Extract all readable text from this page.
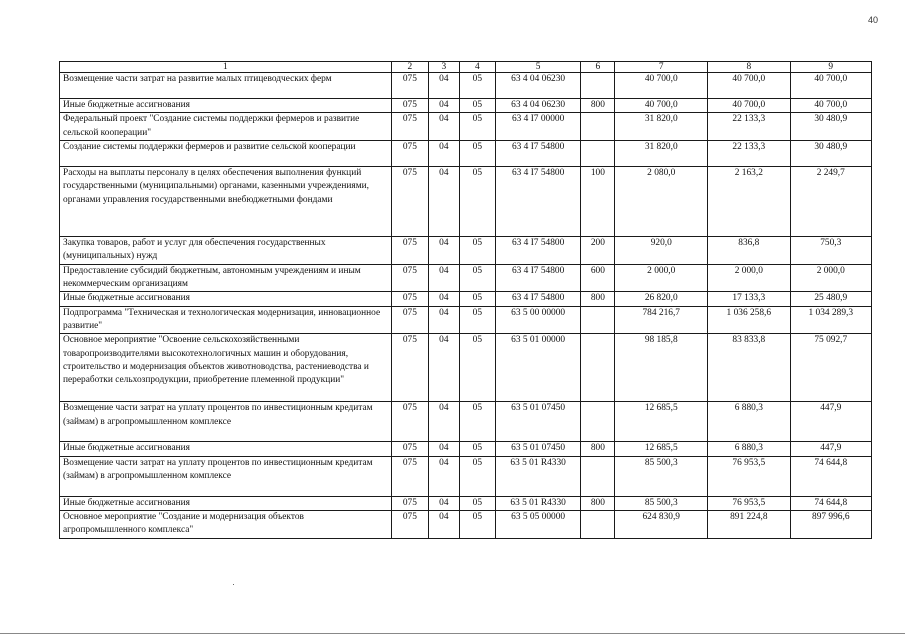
40
1	2	3	4	5	6	7	8	9
Возмещение части затрат на развитие малых птицеводческих ферм	075	04	05	63 4 04 06230		40 700,0	40 700,0	40 700,0
Иные бюджетные ассигнования	075	04	05	63 4 04 06230	800	40 700,0	40 700,0	40 700,0
Федеральный проект "Создание системы поддержки фермеров и развитие сельской кооперации"	075	04	05	63 4 I7 00000		31 820,0	22 133,3	30 480,9
Создание системы поддержки фермеров и развитие сельской кооперации	075	04	05	63 4 I7 54800		31 820,0	22 133,3	30 480,9
Расходы на выплаты персоналу в целях обеспечения выполнения функций государственными (муниципальными) органами, казенными учреждениями, органами управления государственными внебюджетными фондами	075	04	05	63 4 I7 54800	100	2 080,0	2 163,2	2 249,7
Закупка товаров, работ и услуг для обеспечения государственных (муниципальных) нужд	075	04	05	63 4 I7 54800	200	920,0	836,8	750,3
Предоставление субсидий бюджетным, автономным учреждениям и иным некоммерческим организациям	075	04	05	63 4 I7 54800	600	2 000,0	2 000,0	2 000,0
Иные бюджетные ассигнования	075	04	05	63 4 I7 54800	800	26 820,0	17 133,3	25 480,9
Подпрограмма "Техническая и технологическая модернизация, инновационное развитие"	075	04	05	63 5 00 00000		784 216,7	1 036 258,6	1 034 289,3
Основное мероприятие "Освоение сельскохозяйственными товаропроизводителями высокотехнологичных машин и оборудования, строительство и модернизация объектов животноводства, растениеводства и переработки сельхозпродукции, приобретение племенной продукции"	075	04	05	63 5 01 00000		98 185,8	83 833,8	75 092,7
Возмещение части затрат на уплату процентов по инвестиционным кредитам (займам) в агропромышленном комплексе	075	04	05	63 5 01 07450		12 685,5	6 880,3	447,9
Иные бюджетные ассигнования	075	04	05	63 5 01 07450	800	12 685,5	6 880,3	447,9
Возмещение части затрат на уплату процентов по инвестиционным кредитам (займам) в агропромышленном комплексе	075	04	05	63 5 01 R4330		85 500,3	76 953,5	74 644,8
Иные бюджетные ассигнования	075	04	05	63 5 01 R4330	800	85 500,3	76 953,5	74 644,8
Основное мероприятие "Создание и модернизация объектов агропромышленного комплекса"	075	04	05	63 5 05 00000		624 830,9	891 224,8	897 996,6
